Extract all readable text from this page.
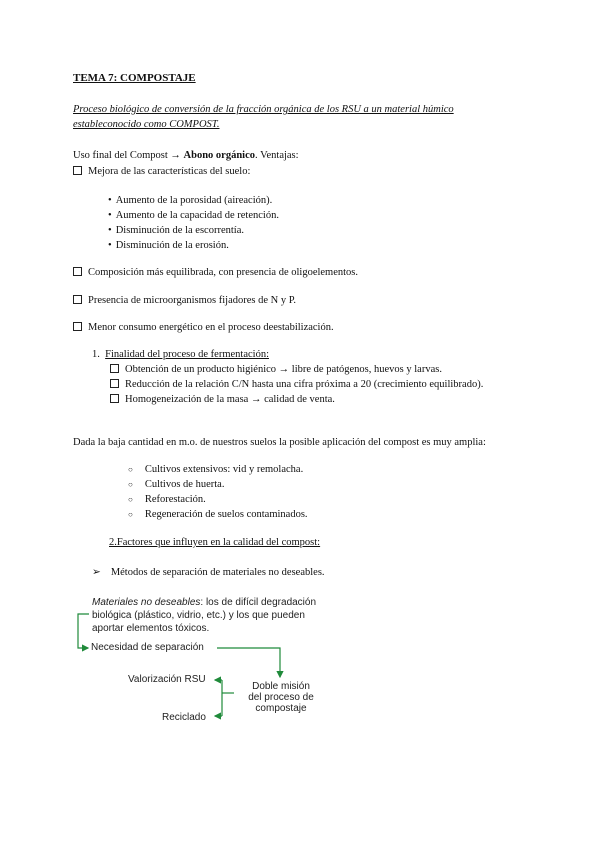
TEMA 7: COMPOSTAJE
Proceso biológico de conversión de la fracción orgánica de los RSU a un material húmico
estableconocido como COMPOST.
Uso final del Compost → Abono orgánico. Ventajas:
Mejora de las características del suelo:
• Aumento de la porosidad (aireación).
• Aumento de la capacidad de retención.
• Disminución de la escorrentía.
• Disminución de la erosión.
Composición más equilibrada, con presencia de oligoelementos.
Presencia de microorganismos fijadores de N y P.
Menor consumo energético en el proceso deestabilización.
1. Finalidad del proceso de fermentación:
Obtención de un producto higiénico → libre de patógenos, huevos y larvas.
Reducción de la relación C/N hasta una cifra próxima a 20 (crecimiento equilibrado).
Homogeneización de la masa → calidad de venta.
Dada la baja cantidad en m.o. de nuestros suelos la posible aplicación del compost es muy amplia:
○ Cultivos extensivos: vid y remolacha.
○ Cultivos de huerta.
○ Reforestación.
○ Regeneración de suelos contaminados.
2.Factores que influyen en la calidad del compost:
➢ Métodos de separación de materiales no deseables.
Materiales no deseables: los de difícil degradación
biológica (plástico, vidrio, etc.) y los que pueden
aportar elementos tóxicos.
Necesidad de separación
Valorización RSU
Reciclado
Doble misión
del proceso de
compostaje
